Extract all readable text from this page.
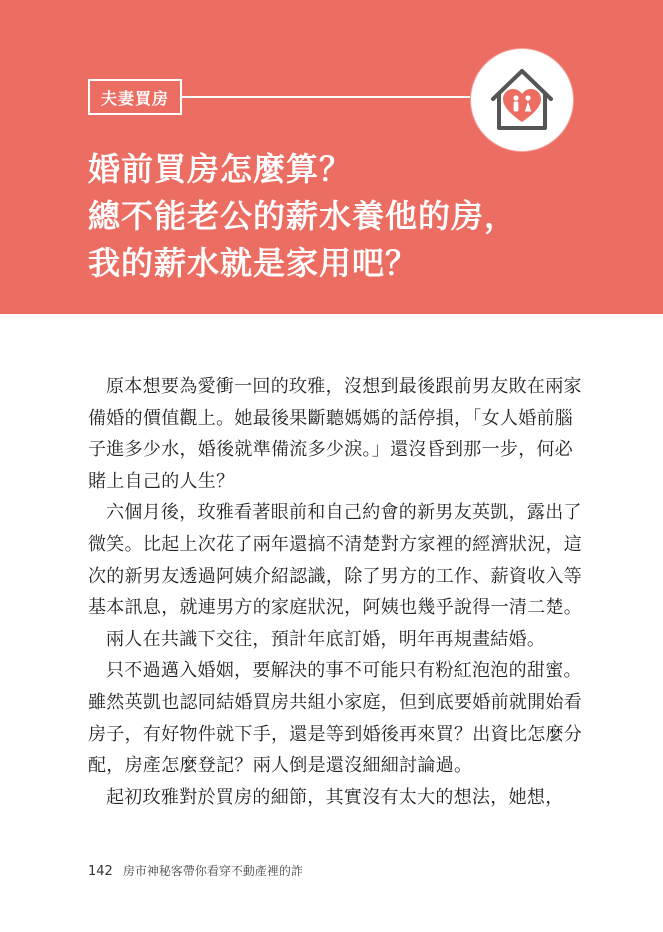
夫妻買房
婚前買房怎麼算？
總不能老公的薪水養他的房，
我的薪水就是家用吧？
原本想要為愛衝一回的玫雅，沒想到最後跟前男友敗在兩家
備婚的價值觀上。她最後果斷聽媽媽的話停損，「女人婚前腦
子進多少水，婚後就準備流多少淚。」還沒昏到那一步，何必
賭上自己的人生？
六個月後，玫雅看著眼前和自己約會的新男友英凱，露出了
微笑。比起上次花了兩年還搞不清楚對方家裡的經濟狀況，這
次的新男友透過阿姨介紹認識，除了男方的工作、薪資收入等
基本訊息，就連男方的家庭狀況，阿姨也幾乎說得一清二楚。
兩人在共識下交往，預計年底訂婚，明年再規畫結婚。
只不過邁入婚姻，要解決的事不可能只有粉紅泡泡的甜蜜。
雖然英凱也認同結婚買房共組小家庭，但到底要婚前就開始看
房子，有好物件就下手，還是等到婚後再來買？出資比怎麼分
配，房產怎麼登記？兩人倒是還沒細細討論過。
起初玫雅對於買房的細節，其實沒有太大的想法，她想，
142 房市神秘客帶你看穿不動產裡的詐
